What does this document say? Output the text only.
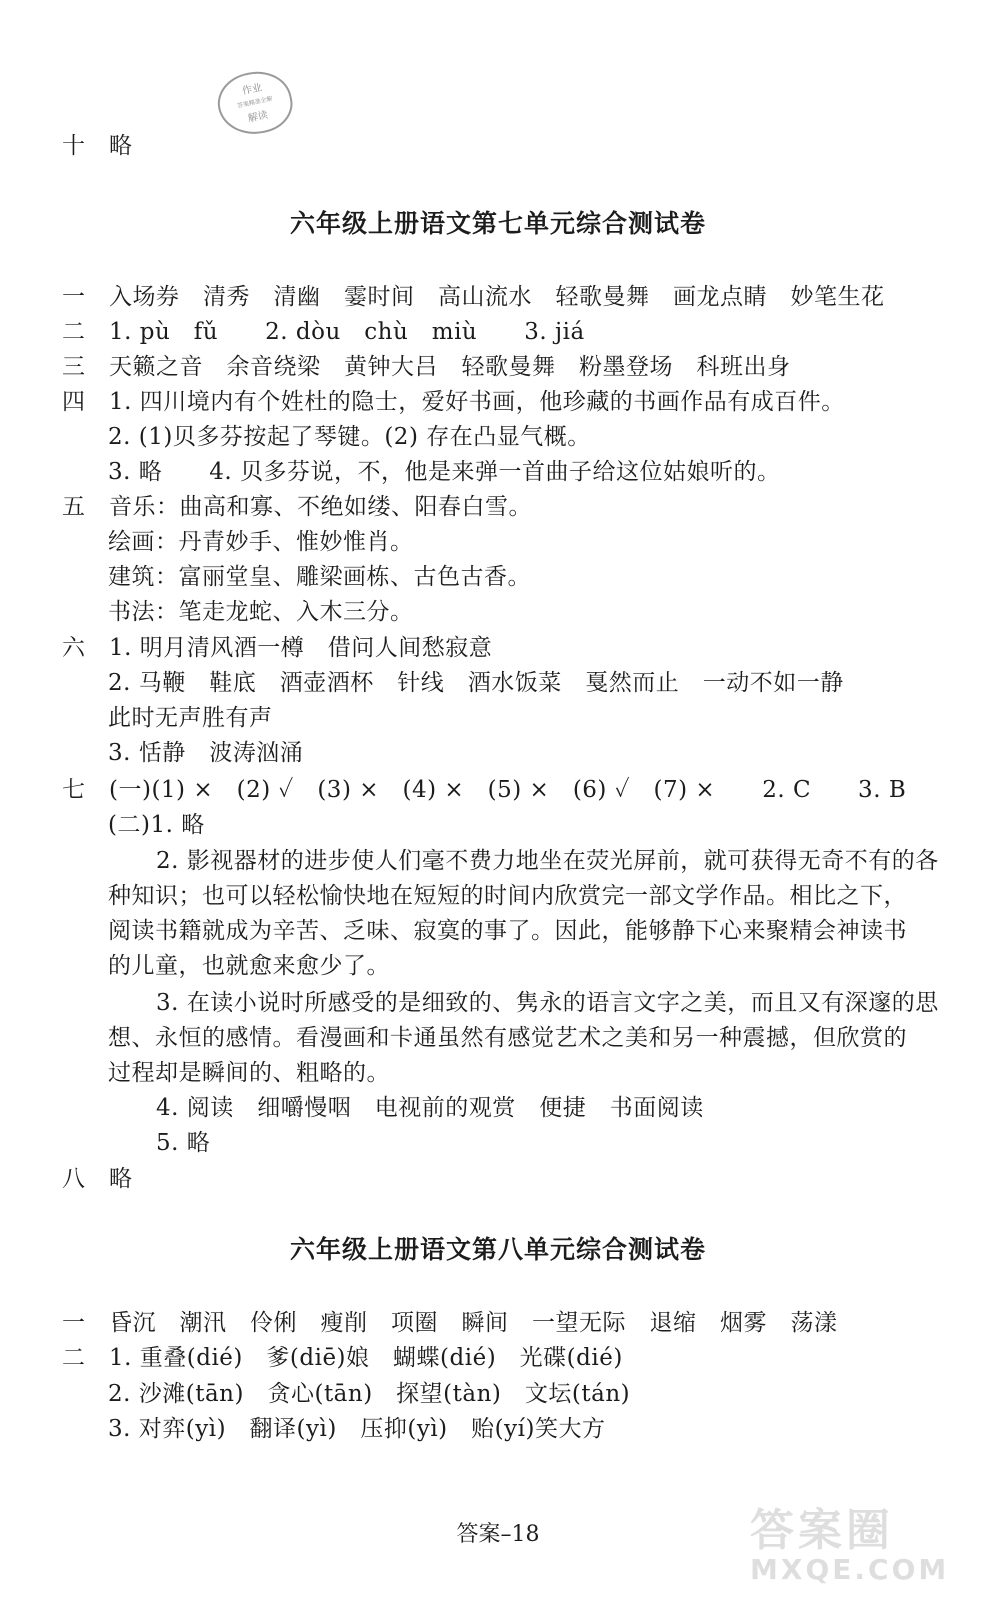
作业
答案精准全解
解读
十　略
六年级上册语文第七单元综合测试卷
一　入场券　清秀　清幽　霎时间　高山流水　轻歌曼舞　画龙点睛　妙笔生花
二　1. pù　fǔ　　2. dòu　chù　miù　　3. jiá
三　天籁之音　余音绕梁　黄钟大吕　轻歌曼舞　粉墨登场　科班出身
四　1. 四川境内有个姓杜的隐士，爱好书画，他珍藏的书画作品有成百件。
2. (1)贝多芬按起了琴键。(2) 存在凸显气概。
3. 略　　4. 贝多芬说，不，他是来弹一首曲子给这位姑娘听的。
五　音乐：曲高和寡、不绝如缕、阳春白雪。
绘画：丹青妙手、惟妙惟肖。
建筑：富丽堂皇、雕梁画栋、古色古香。
书法：笔走龙蛇、入木三分。
六　1. 明月清风酒一樽　借问人间愁寂意
2. 马鞭　鞋底　酒壶酒杯　针线　酒水饭菜　戛然而止　一动不如一静
此时无声胜有声
3. 恬静　波涛汹涌
七　(一)(1) ×　(2) ✓　(3) ×　(4) ×　(5) ×　(6) ✓　(7) ×　　2. C　　3. B
(二)1. 略
2. 影视器材的进步使人们毫不费力地坐在荧光屏前，就可获得无奇不有的各
种知识；也可以轻松愉快地在短短的时间内欣赏完一部文学作品。相比之下，
阅读书籍就成为辛苦、乏味、寂寞的事了。因此，能够静下心来聚精会神读书
的儿童，也就愈来愈少了。
3. 在读小说时所感受的是细致的、隽永的语言文字之美，而且又有深邃的思
想、永恒的感情。看漫画和卡通虽然有感觉艺术之美和另一种震撼，但欣赏的
过程却是瞬间的、粗略的。
4. 阅读　细嚼慢咽　电视前的观赏　便捷　书面阅读
5. 略
八　略
六年级上册语文第八单元综合测试卷
一　昏沉　潮汛　伶俐　瘦削　项圈　瞬间　一望无际　退缩　烟雾　荡漾
二　1. 重叠(dié)　爹(diē)娘　蝴蝶(dié)　光碟(dié)
2. 沙滩(tān)　贪心(tān)　探望(tàn)　文坛(tán)
3. 对弈(yì)　翻译(yì)　压抑(yì)　贻(yí)笑大方
答案–18	答案圈
MXQE.COM
